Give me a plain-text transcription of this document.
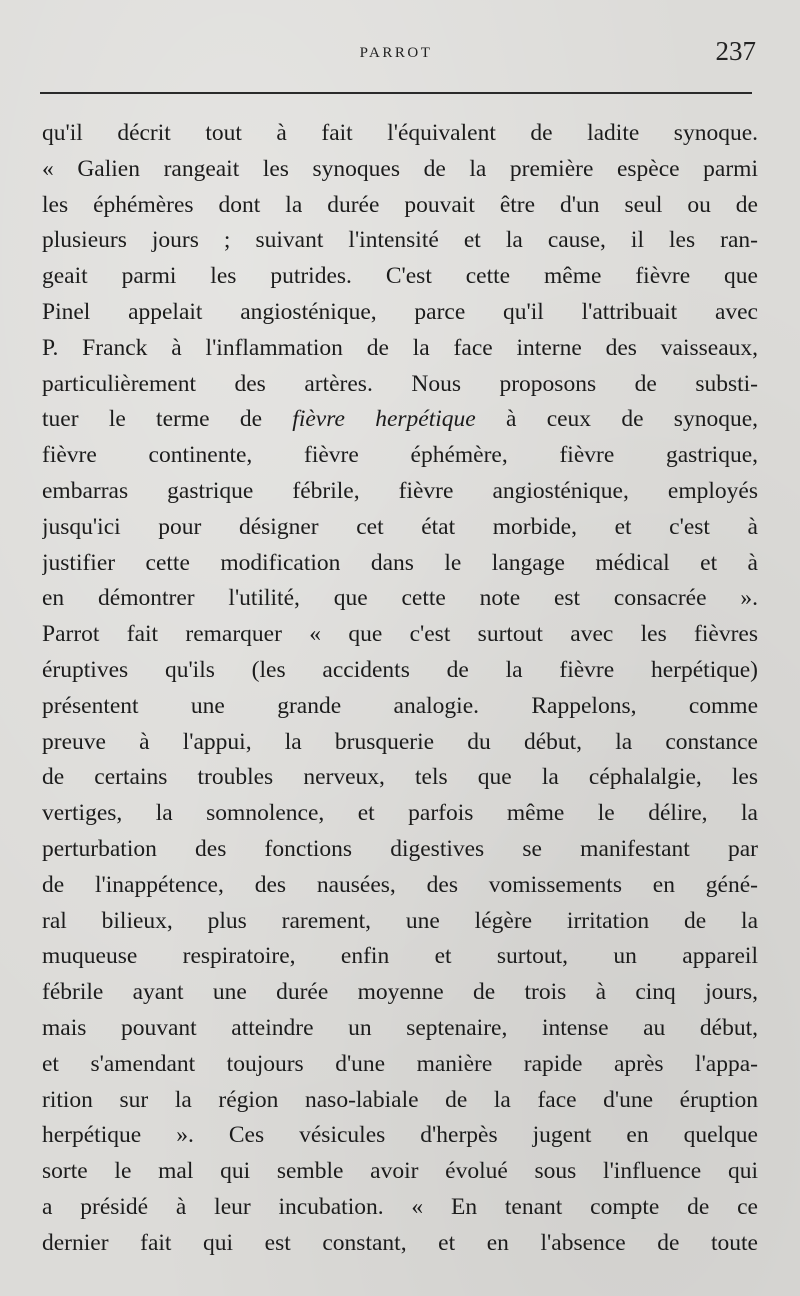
PARROT	237
qu'il décrit tout à fait l'équivalent de ladite synoque.
« Galien rangeait les synoques de la première espèce parmi
les éphémères dont la durée pouvait être d'un seul ou de
plusieurs jours ; suivant l'intensité et la cause, il les ran-
geait parmi les putrides. C'est cette même fièvre que
Pinel appelait angiosténique, parce qu'il l'attribuait avec
P. Franck à l'inflammation de la face interne des vaisseaux,
particulièrement des artères. Nous proposons de substi-
tuer le terme de fièvre herpétique à ceux de synoque,
fièvre continente, fièvre éphémère, fièvre gastrique,
embarras gastrique fébrile, fièvre angiosténique, employés
jusqu'ici pour désigner cet état morbide, et c'est à
justifier cette modification dans le langage médical et à
en démontrer l'utilité, que cette note est consacrée ».
Parrot fait remarquer « que c'est surtout avec les fièvres
éruptives qu'ils (les accidents de la fièvre herpétique)
présentent une grande analogie. Rappelons, comme
preuve à l'appui, la brusquerie du début, la constance
de certains troubles nerveux, tels que la céphalalgie, les
vertiges, la somnolence, et parfois même le délire, la
perturbation des fonctions digestives se manifestant par
de l'inappétence, des nausées, des vomissements en géné-
ral bilieux, plus rarement, une légère irritation de la
muqueuse respiratoire, enfin et surtout, un appareil
fébrile ayant une durée moyenne de trois à cinq jours,
mais pouvant atteindre un septenaire, intense au début,
et s'amendant toujours d'une manière rapide après l'appa-
rition sur la région naso-labiale de la face d'une éruption
herpétique ». Ces vésicules d'herpès jugent en quelque
sorte le mal qui semble avoir évolué sous l'influence qui
a présidé à leur incubation. « En tenant compte de ce
dernier fait qui est constant, et en l'absence de toute
